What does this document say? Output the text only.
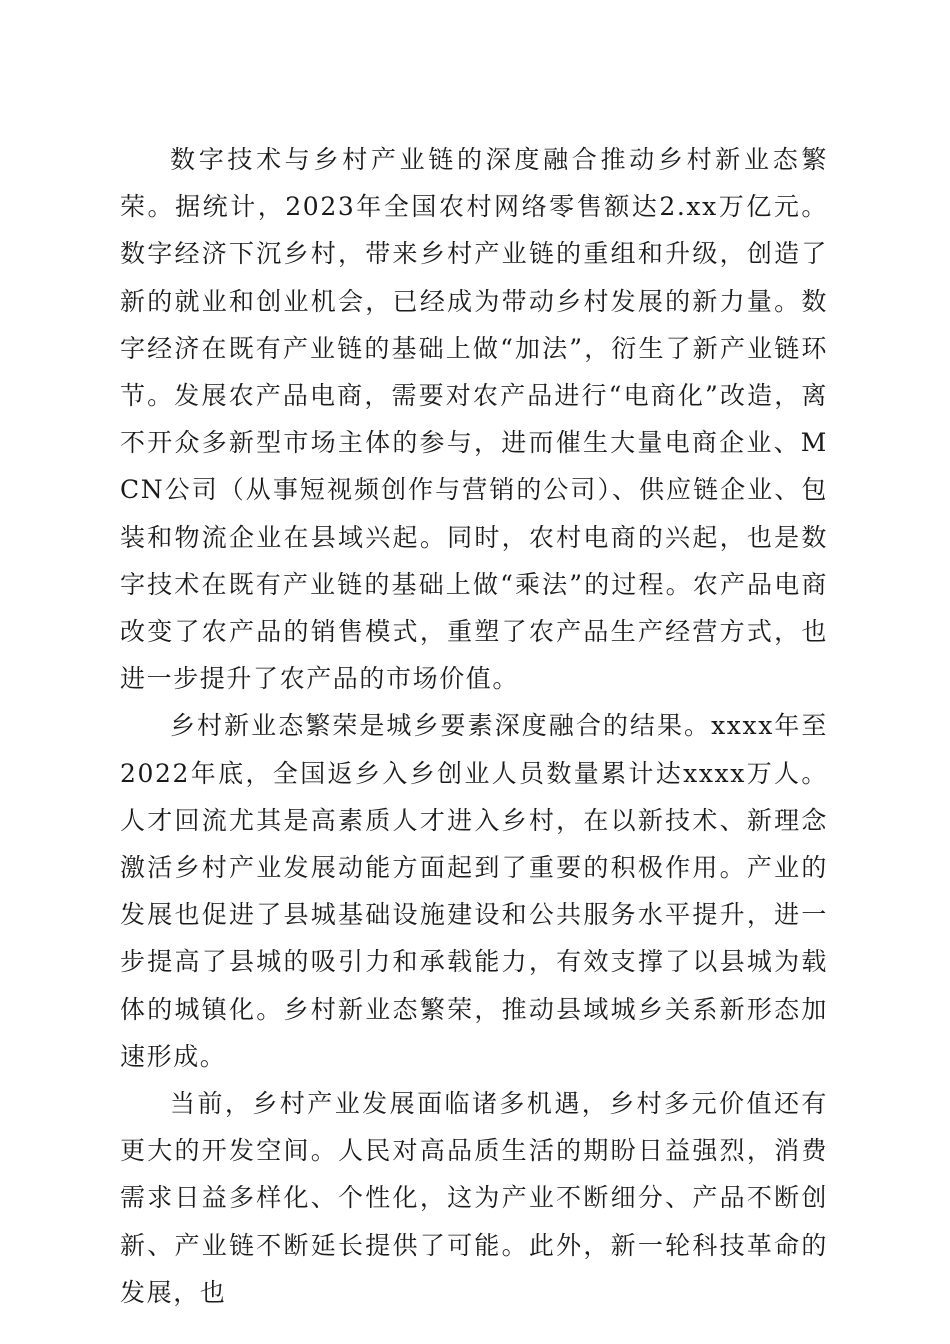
数字技术与乡村产业链的深度融合推动乡村新业态繁荣。据统计，2023年全国农村网络零售额达2.xx万亿元。数字经济下沉乡村，带来乡村产业链的重组和升级，创造了新的就业和创业机会，已经成为带动乡村发展的新力量。数字经济在既有产业链的基础上做“加法”，衍生了新产业链环节。发展农产品电商，需要对农产品进行“电商化”改造，离不开众多新型市场主体的参与，进而催生大量电商企业、MCN公司（从事短视频创作与营销的公司）、供应链企业、包装和物流企业在县域兴起。同时，农村电商的兴起，也是数字技术在既有产业链的基础上做“乘法”的过程。农产品电商改变了农产品的销售模式，重塑了农产品生产经营方式，也进一步提升了农产品的市场价值。

乡村新业态繁荣是城乡要素深度融合的结果。xxxx年至2022年底，全国返乡入乡创业人员数量累计达xxxx万人。人才回流尤其是高素质人才进入乡村，在以新技术、新理念激活乡村产业发展动能方面起到了重要的积极作用。产业的发展也促进了县城基础设施建设和公共服务水平提升，进一步提高了县城的吸引力和承载能力，有效支撑了以县城为载体的城镇化。乡村新业态繁荣，推动县域城乡关系新形态加速形成。

当前，乡村产业发展面临诸多机遇，乡村多元价值还有更大的开发空间。人民对高品质生活的期盼日益强烈，消费需求日益多样化、个性化，这为产业不断细分、产品不断创新、产业链不断延长提供了可能。此外，新一轮科技革命的发展，也
